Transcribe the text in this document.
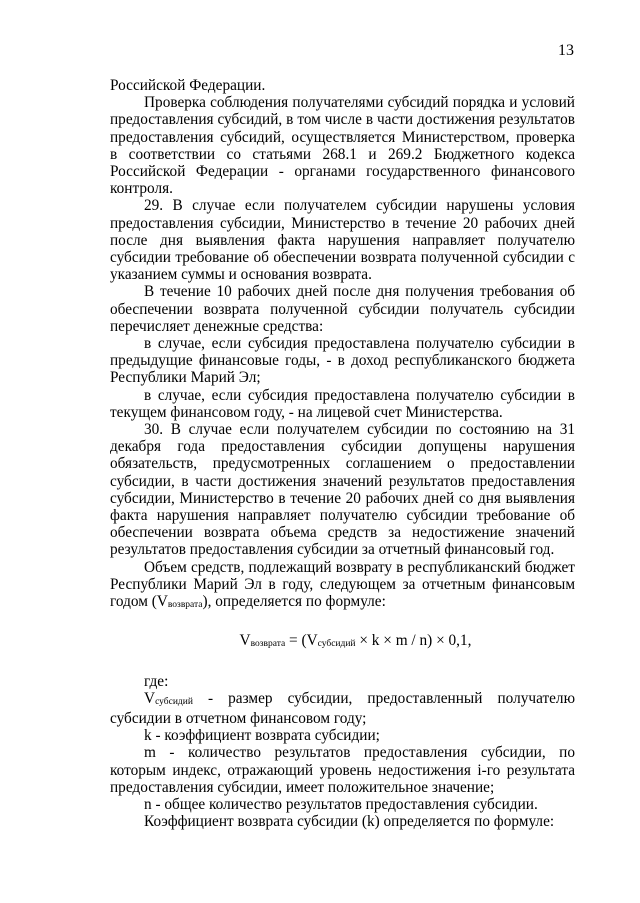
13

Российской Федерации.

Проверка соблюдения получателями субсидий порядка и условий предоставления субсидий, в том числе в части достижения результатов предоставления субсидий, осуществляется Министерством, проверка в соответствии со статьями 268.1 и 269.2 Бюджетного кодекса Российской Федерации - органами государственного финансового контроля.

29. В случае если получателем субсидии нарушены условия предоставления субсидии, Министерство в течение 20 рабочих дней после дня выявления факта нарушения направляет получателю субсидии требование об обеспечении возврата полученной субсидии с указанием суммы и основания возврата.

В течение 10 рабочих дней после дня получения требования об обеспечении возврата полученной субсидии получатель субсидии перечисляет денежные средства:

в случае, если субсидия предоставлена получателю субсидии в предыдущие финансовые годы, - в доход республиканского бюджета Республики Марий Эл;

в случае, если субсидия предоставлена получателю субсидии в текущем финансовом году, - на лицевой счет Министерства.

30. В случае если получателем субсидии по состоянию на 31 декабря года предоставления субсидии допущены нарушения обязательств, предусмотренных соглашением о предоставлении субсидии, в части достижения значений результатов предоставления субсидии, Министерство в течение 20 рабочих дней со дня выявления факта нарушения направляет получателю субсидии требование об обеспечении возврата объема средств за недостижение значений результатов предоставления субсидии за отчетный финансовый год.

Объем средств, подлежащий возврату в республиканский бюджет Республики Марий Эл в году, следующем за отчетным финансовым годом (Vвозврата), определяется по формуле:

Vвозврата = (Vсубсидий × k × m / n) × 0,1,

где:

Vсубсидий - размер субсидии, предоставленный получателю субсидии в отчетном финансовом году;

k - коэффициент возврата субсидии;

m - количество результатов предоставления субсидии, по которым индекс, отражающий уровень недостижения i-го результата предоставления субсидии, имеет положительное значение;

n - общее количество результатов предоставления субсидии.

Коэффициент возврата субсидии (k) определяется по формуле:
